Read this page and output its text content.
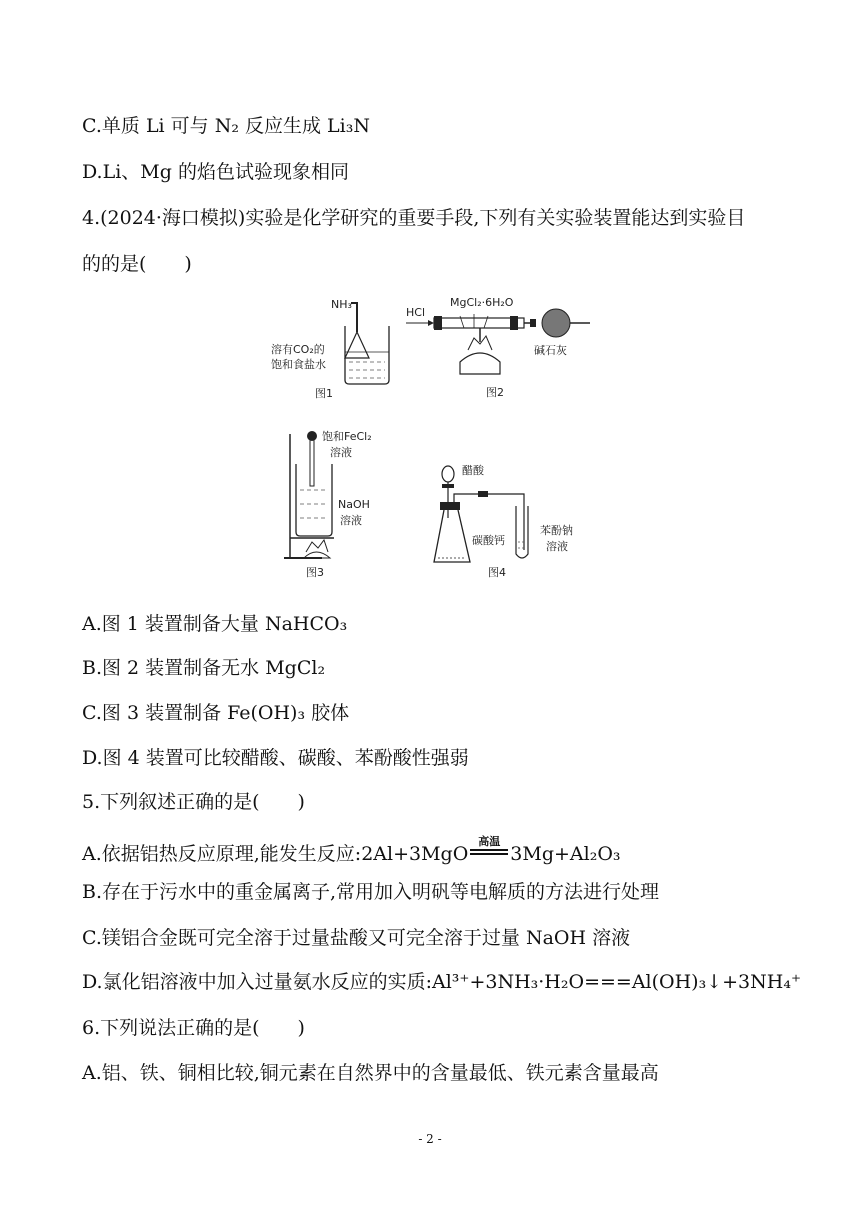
C.单质 Li 可与 N₂ 反应生成 Li₃N
D.Li、Mg 的焰色试验现象相同
4.(2024·海口模拟)实验是化学研究的重要手段,下列有关实验装置能达到实验目
的的是(　　)
NH₃
溶有CO₂的
饱和食盐水
图1
MgCl₂·6H₂O
HCl
碱石灰
图2
饱和FeCl₂
溶液
NaOH
溶液
图3
醋酸
碳酸钙
苯酚钠
溶液
图4
A.图 1 装置制备大量 NaHCO₃
B.图 2 装置制备无水 MgCl₂
C.图 3 装置制备 Fe(OH)₃ 胶体
D.图 4 装置可比较醋酸、碳酸、苯酚酸性强弱
5.下列叙述正确的是(　　)
A.依据铝热反应原理,能发生反应:2Al+3MgO
高温
3Mg+Al₂O₃
B.存在于污水中的重金属离子,常用加入明矾等电解质的方法进行处理
C.镁铝合金既可完全溶于过量盐酸又可完全溶于过量 NaOH 溶液
D.氯化铝溶液中加入过量氨水反应的实质:Al³⁺+3NH₃·H₂O===Al(OH)₃↓+3NH₄⁺
6.下列说法正确的是(　　)
A.铝、铁、铜相比较,铜元素在自然界中的含量最低、铁元素含量最高
- 2 -
